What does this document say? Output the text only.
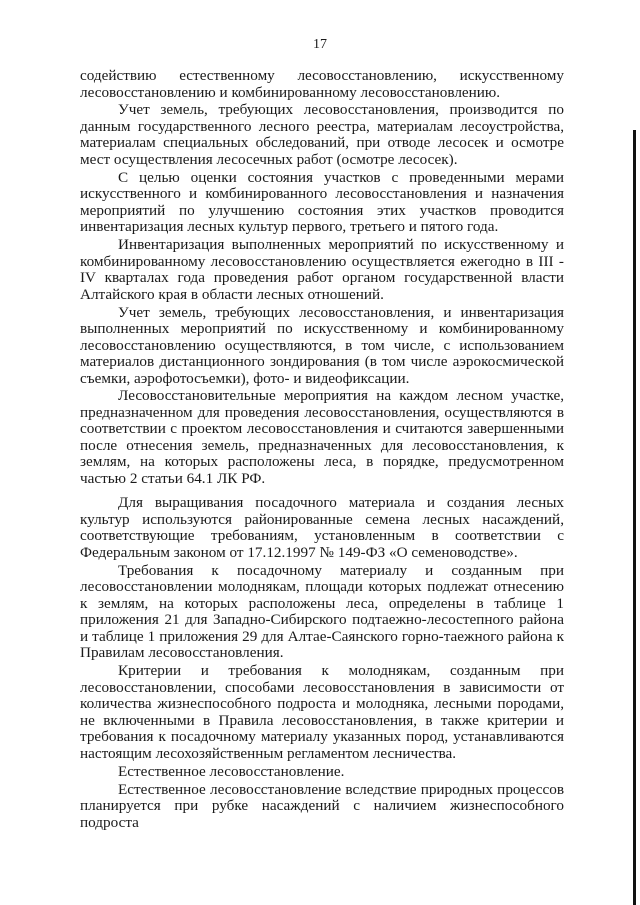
17

содействию естественному лесовосстановлению, искусственному лесовосстановлению и комбинированному лесовосстановлению.

Учет земель, требующих лесовосстановления, производится по данным государственного лесного реестра, материалам лесоустройства, материалам специальных обследований, при отводе лесосек и осмотре мест осуществления лесосечных работ (осмотре лесосек).

С целью оценки состояния участков с проведенными мерами искусственного и комбинированного лесовосстановления и назначения мероприятий по улучшению состояния этих участков проводится инвентаризация лесных культур первого, третьего и пятого года.

Инвентаризация выполненных мероприятий по искусственному и комбинированному лесовосстановлению осуществляется ежегодно в III - IV кварталах года проведения работ органом государственной власти Алтайского края в области лесных отношений.

Учет земель, требующих лесовосстановления, и инвентаризация выполненных мероприятий по искусственному и комбинированному лесовосстановлению осуществляются, в том числе, с использованием материалов дистанционного зондирования (в том числе аэрокосмической съемки, аэрофотосъемки), фото- и видеофиксации.

Лесовосстановительные мероприятия на каждом лесном участке, предназначенном для проведения лесовосстановления, осуществляются в соответствии с проектом лесовосстановления и считаются завершенными после отнесения земель, предназначенных для лесовосстановления, к землям, на которых расположены леса, в порядке, предусмотренном частью 2 статьи 64.1 ЛК РФ.

Для выращивания посадочного материала и создания лесных культур используются районированные семена лесных насаждений, соответствующие требованиям, установленным в соответствии с Федеральным законом от 17.12.1997 № 149-ФЗ «О семеноводстве».

Требования к посадочному материалу и созданным при лесовосстановлении молоднякам, площади которых подлежат отнесению к землям, на которых расположены леса, определены в таблице 1 приложения 21 для Западно-Сибирского подтаежно-лесостепного района и таблице 1 приложения 29 для Алтае-Саянского горно-таежного района к Правилам лесовосстановления.

Критерии и требования к молоднякам, созданным при лесовосстановлении, способами лесовосстановления в зависимости от количества жизнеспособного подроста и молодняка, лесными породами, не включенными в Правила лесовосстановления, в также критерии и требования к посадочному материалу указанных пород, устанавливаются настоящим лесохозяйственным регламентом лесничества.

Естественное лесовосстановление.

Естественное лесовосстановление вследствие природных процессов планируется при рубке насаждений с наличием жизнеспособного подроста
